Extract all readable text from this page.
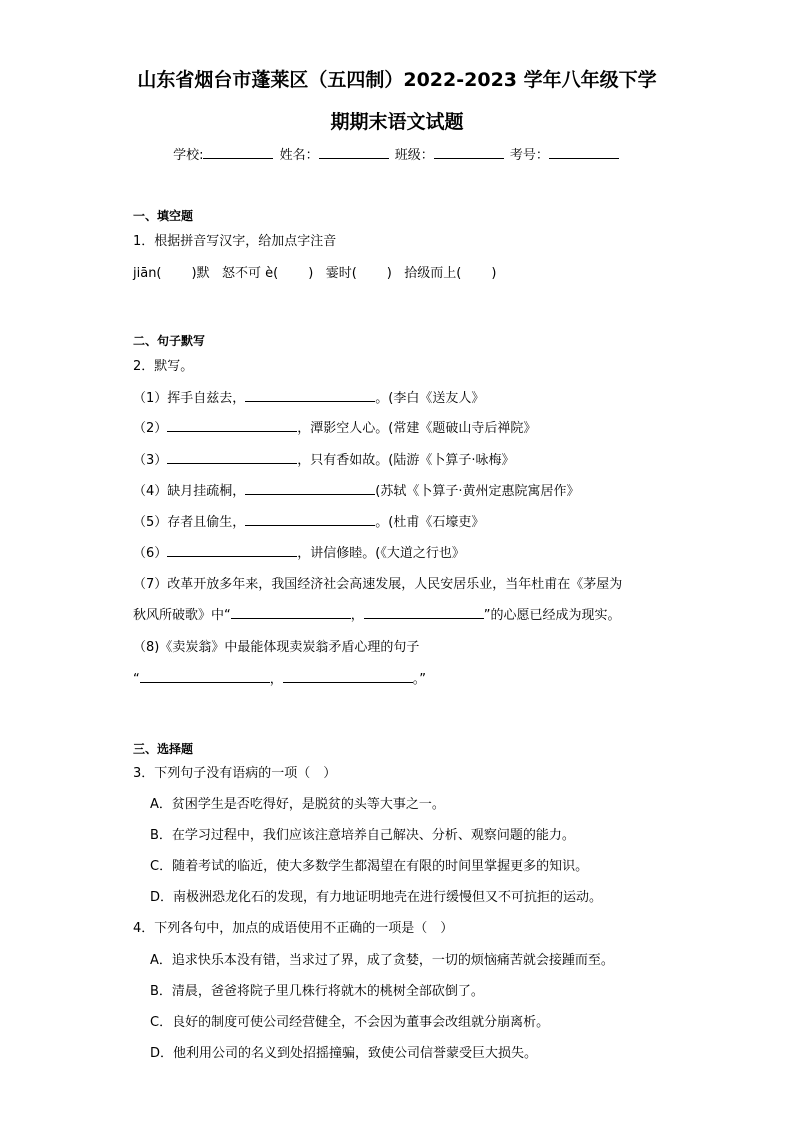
山东省烟台市蓬莱区（五四制）2022-2023 学年八年级下学
期期末语文试题
学校:	姓名：	班级：	考号：
一、填空题
1．根据拼音写汉字，给加点字注音
jiān( )默 怒不可 è( ) 霎时( ) 拾级而上( )
二、句子默写
2．默写。
（1）挥手自兹去，	。(李白《送友人》
（2）	，潭影空人心。(常建《题破山寺后禅院》
（3）	，只有香如故。(陆游《卜算子·咏梅》
（4）缺月挂疏桐，	(苏轼《卜算子·黄州定惠院寓居作》
（5）存者且偷生，	。(杜甫《石壕吏》
（6）	，讲信修睦。(《大道之行也》
（7）改革开放多年来，我国经济社会高速发展，人民安居乐业，当年杜甫在《茅屋为
秋风所破歌》中“	，	”的心愿已经成为现实。
（8)《卖炭翁》中最能体现卖炭翁矛盾心理的句子
“	，	。”
三、选择题
3．下列句子没有语病的一项（　）
A．贫困学生是否吃得好，是脱贫的头等大事之一。
B．在学习过程中，我们应该注意培养自己解决、分析、观察问题的能力。
C．随着考试的临近，使大多数学生都渴望在有限的时间里掌握更多的知识。
D．南极洲恐龙化石的发现，有力地证明地壳在进行缓慢但又不可抗拒的运动。
4．下列各句中，加点的成语使用不正确的一项是（　）
A．追求快乐本没有错，当求过了界，成了贪婪，一切的烦恼痛苦就会接踵而至。
B．清晨，爸爸将院子里几株行将就木的桃树全部砍倒了。
C．良好的制度可使公司经营健全，不会因为董事会改组就分崩离析。
D．他利用公司的名义到处招摇撞骗，致使公司信誉蒙受巨大损失。
